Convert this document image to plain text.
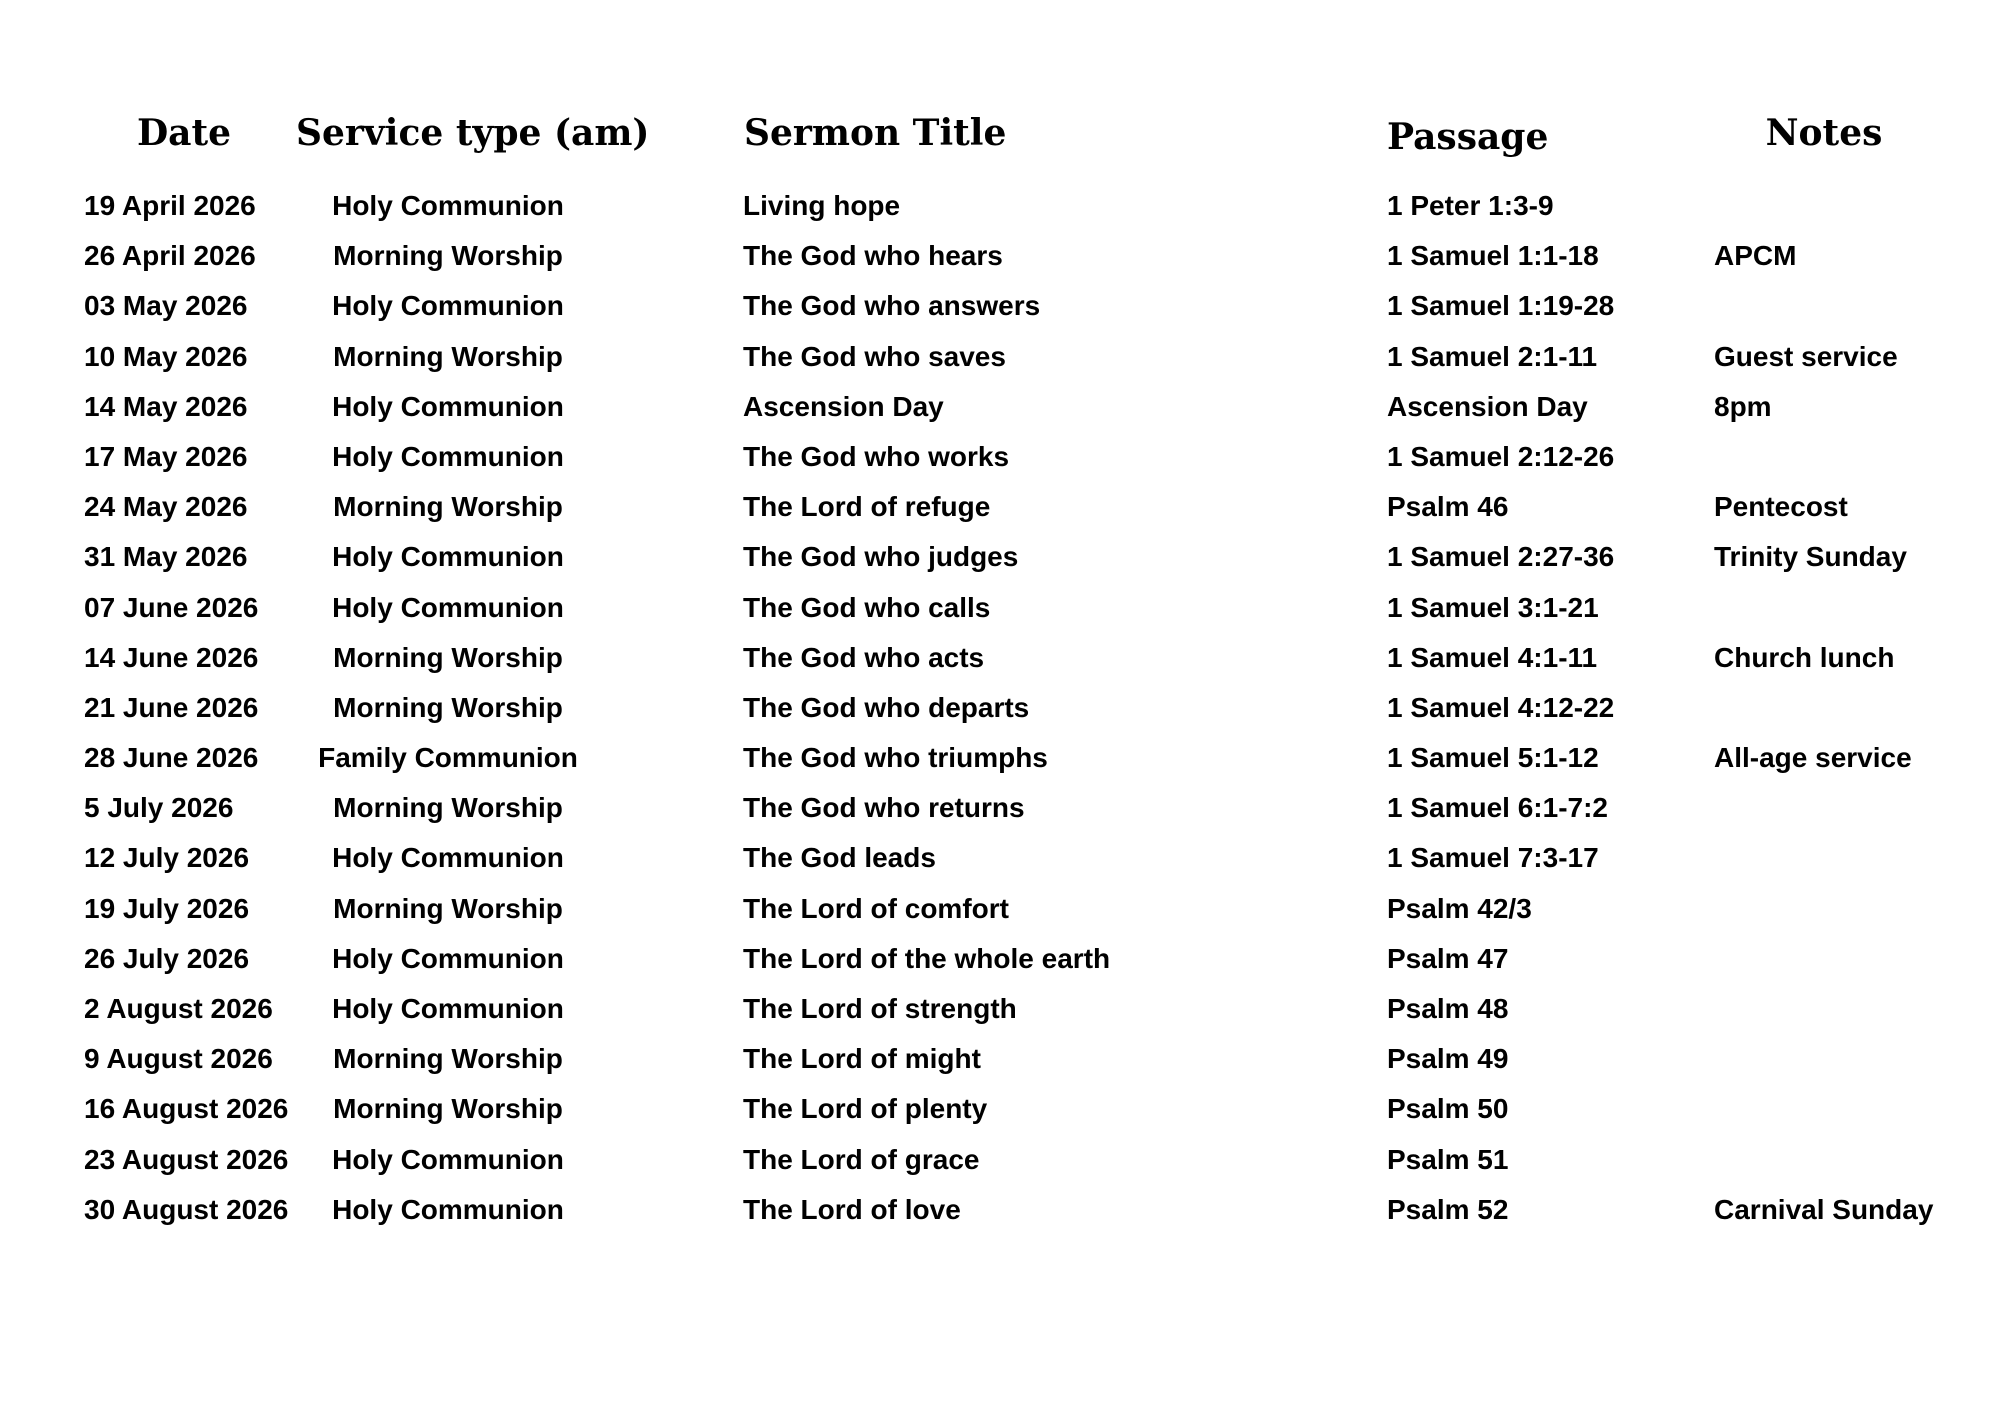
Date	Service type (am)	Sermon Title	Passage	Notes
19 April 2026	Holy Communion	Living hope	1 Peter 1:3-9
26 April 2026	Morning Worship	The God who hears	1 Samuel 1:1-18	APCM
03 May 2026	Holy Communion	The God who answers	1 Samuel 1:19-28
10 May 2026	Morning Worship	The God who saves	1 Samuel 2:1-11	Guest service
14 May 2026	Holy Communion	Ascension Day	Ascension Day	8pm
17 May 2026	Holy Communion	The God who works	1 Samuel 2:12-26
24 May 2026	Morning Worship	The Lord of refuge	Psalm 46	Pentecost
31 May 2026	Holy Communion	The God who judges	1 Samuel 2:27-36	Trinity Sunday
07 June 2026	Holy Communion	The God who calls	1 Samuel 3:1-21
14 June 2026	Morning Worship	The God who acts	1 Samuel 4:1-11	Church lunch
21 June 2026	Morning Worship	The God who departs	1 Samuel 4:12-22
28 June 2026	Family Communion	The God who triumphs	1 Samuel 5:1-12	All-age service
5 July 2026	Morning Worship	The God who returns	1 Samuel 6:1-7:2
12 July 2026	Holy Communion	The God leads	1 Samuel 7:3-17
19 July 2026	Morning Worship	The Lord of comfort	Psalm 42/3
26 July 2026	Holy Communion	The Lord of the whole earth	Psalm 47
2 August 2026	Holy Communion	The Lord of strength	Psalm 48
9 August 2026	Morning Worship	The Lord of might	Psalm 49
16 August 2026	Morning Worship	The Lord of plenty	Psalm 50
23 August 2026	Holy Communion	The Lord of grace	Psalm 51
30 August 2026	Holy Communion	The Lord of love	Psalm 52	Carnival Sunday
